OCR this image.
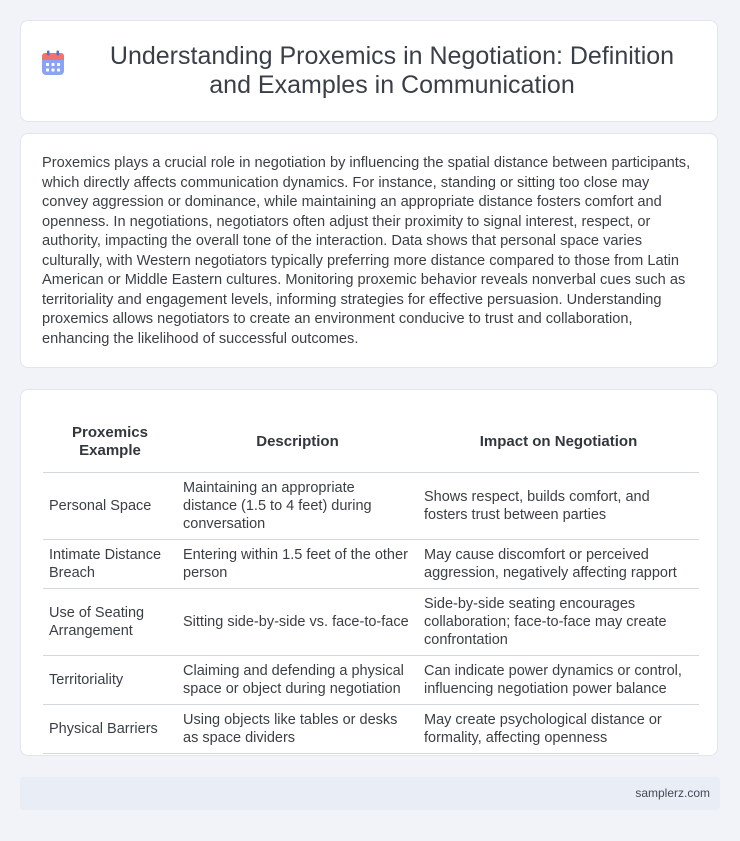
Understanding Proxemics in Negotiation: Definition and Examples in Communication

Proxemics plays a crucial role in negotiation by influencing the spatial distance between participants, which directly affects communication dynamics. For instance, standing or sitting too close may convey aggression or dominance, while maintaining an appropriate distance fosters comfort and openness. In negotiations, negotiators often adjust their proximity to signal interest, respect, or authority, impacting the overall tone of the interaction. Data shows that personal space varies culturally, with Western negotiators typically preferring more distance compared to those from Latin American or Middle Eastern cultures. Monitoring proxemic behavior reveals nonverbal cues such as territoriality and engagement levels, informing strategies for effective persuasion. Understanding proxemics allows negotiators to create an environment conducive to trust and collaboration, enhancing the likelihood of successful outcomes.

Proxemics Example	Description	Impact on Negotiation
Personal Space	Maintaining an appropriate distance (1.5 to 4 feet) during conversation	Shows respect, builds comfort, and fosters trust between parties
Intimate Distance Breach	Entering within 1.5 feet of the other person	May cause discomfort or perceived aggression, negatively affecting rapport
Use of Seating Arrangement	Sitting side-by-side vs. face-to-face	Side-by-side seating encourages collaboration; face-to-face may create confrontation
Territoriality	Claiming and defending a physical space or object during negotiation	Can indicate power dynamics or control, influencing negotiation power balance
Physical Barriers	Using objects like tables or desks as space dividers	May create psychological distance or formality, affecting openness
samplerz.com
